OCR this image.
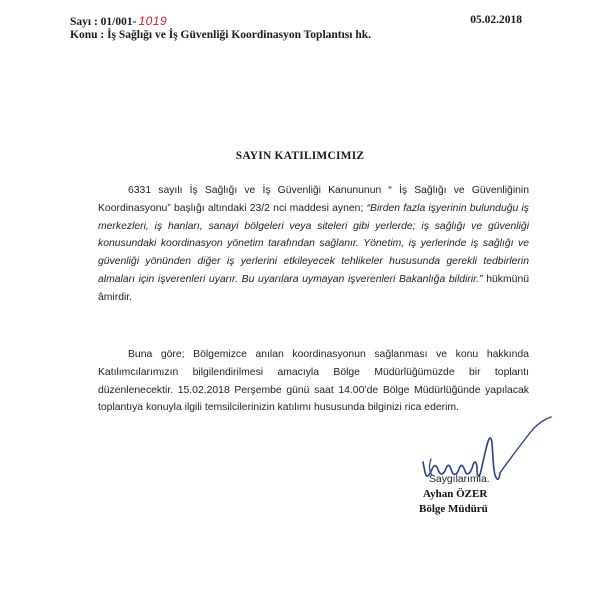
Sayı : 01/001- 1019	05.02.2018
Konu : İş Sağlığı ve İş Güvenliği Koordinasyon Toplantısı hk.
SAYIN KATILIMCIMIZ

6331 sayılı İş Sağlığı ve İş Güvenliği Kanununun “ İş Sağlığı ve Güvenliğinin Koordinasyonu” başlığı altındaki 23/2 nci maddesi aynen; “Birden fazla işyerinin bulunduğu iş merkezleri, iş hanları, sanayi bölgeleri veya siteleri gibi yerlerde; iş sağlığı ve güvenliği konusundaki koordinasyon yönetim tarafından sağlanır. Yönetim, iş yerlerinde iş sağlığı ve güvenliği yönünden diğer iş yerlerini etkileyecek tehlikeler hususunda gerekli tedbirlerin almaları için işverenleri uyarır. Bu uyarılara uymayan işverenleri Bakanlığa bildirir.” hükmünü âmirdir.

Buna göre; Bölgemizce anılan koordinasyonun sağlanması ve konu hakkında Katılımcılarımızın bilgilendirilmesi amacıyla Bölge Müdürlüğümüzde bir toplantı düzenlenecektir. 15.02.2018 Perşembe günü saat 14.00’de Bölge Müdürlüğünde yapılacak toplantıya konuyla ilgili temsilcilerinizin katılımı hususunda bilginizi rica ederim.

Saygılarımla.
Ayhan ÖZER
Bölge Müdürü
